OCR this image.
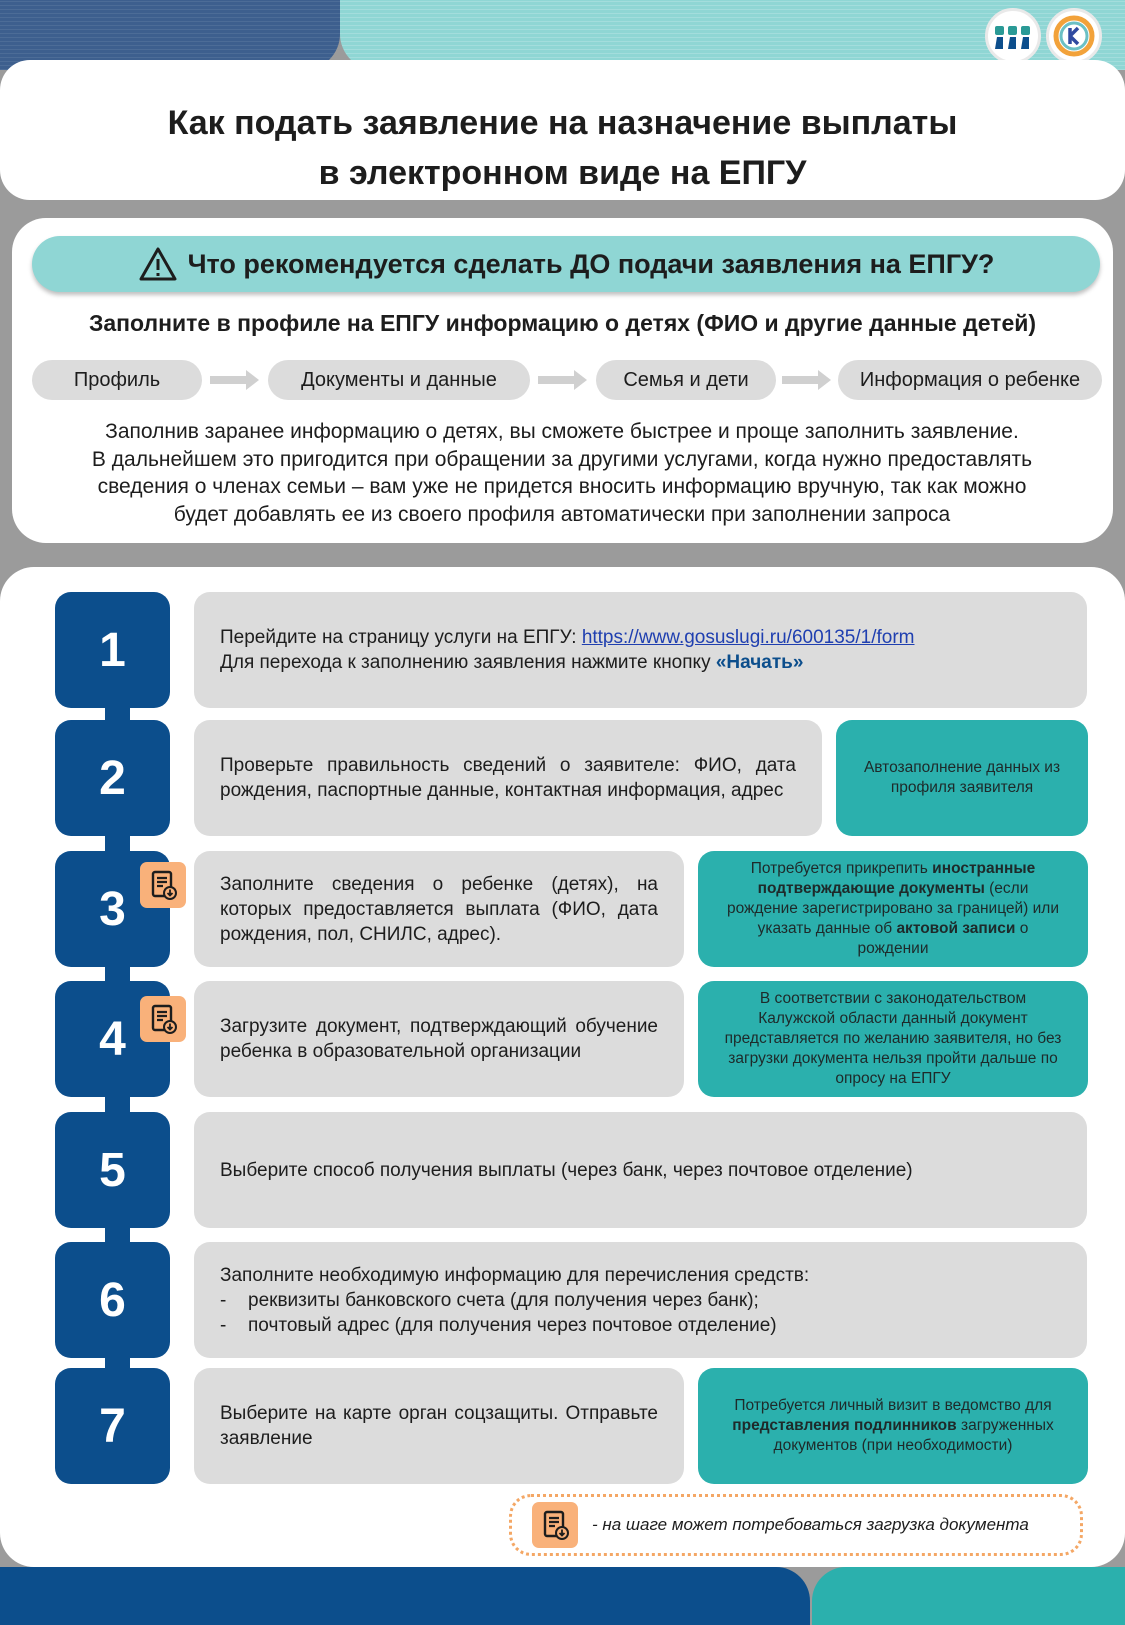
Как подать заявление на назначение выплаты
в электронном виде на ЕПГУ
Что рекомендуется сделать ДО подачи заявления на ЕПГУ?
Заполните в профиле на ЕПГУ информацию о детях (ФИО и другие данные детей)
Профиль	Документы и данные	Семья и дети	Информация о ребенке
Заполнив заранее информацию о детях, вы сможете быстрее и проще заполнить заявление.
В дальнейшем это пригодится при обращении за другими услугами, когда нужно предоставлять
сведения о членах семьи – вам уже не придется вносить информацию вручную, так как можно
будет добавлять ее из своего профиля автоматически при заполнении запроса
1	Перейдите на страницу услуги на ЕПГУ: https://www.gosuslugi.ru/600135/1/form
Для перехода к заполнению заявления нажмите кнопку «Начать»
2	Проверьте правильность сведений о заявителе: ФИО, дата рождения, паспортные данные, контактная информация, адрес
Автозаполнение данных из профиля заявителя
3	Заполните сведения о ребенке (детях), на которых предоставляется выплата (ФИО, дата рождения, пол, СНИЛС, адрес).
Потребуется прикрепить иностранные подтверждающие документы (если рождение зарегистрировано за границей) или указать данные об актовой записи о рождении
4	Загрузите документ, подтверждающий обучение ребенка в образовательной организации
В соответствии с законодательством Калужской области данный документ представляется по желанию заявителя, но без загрузки документа нельзя пройти дальше по опросу на ЕПГУ
5	Выберите способ получения выплаты (через банк, через почтовое отделение)
6	Заполните необходимую информацию для перечисления средств:
-	реквизиты банковского счета (для получения через банк);
-	почтовый адрес (для получения через почтовое отделение)
7	Выберите на карте орган соцзащиты. Отправьте заявление
Потребуется личный визит в ведомство для представления подлинников загруженных документов (при необходимости)
- на шаге может потребоваться загрузка документа
